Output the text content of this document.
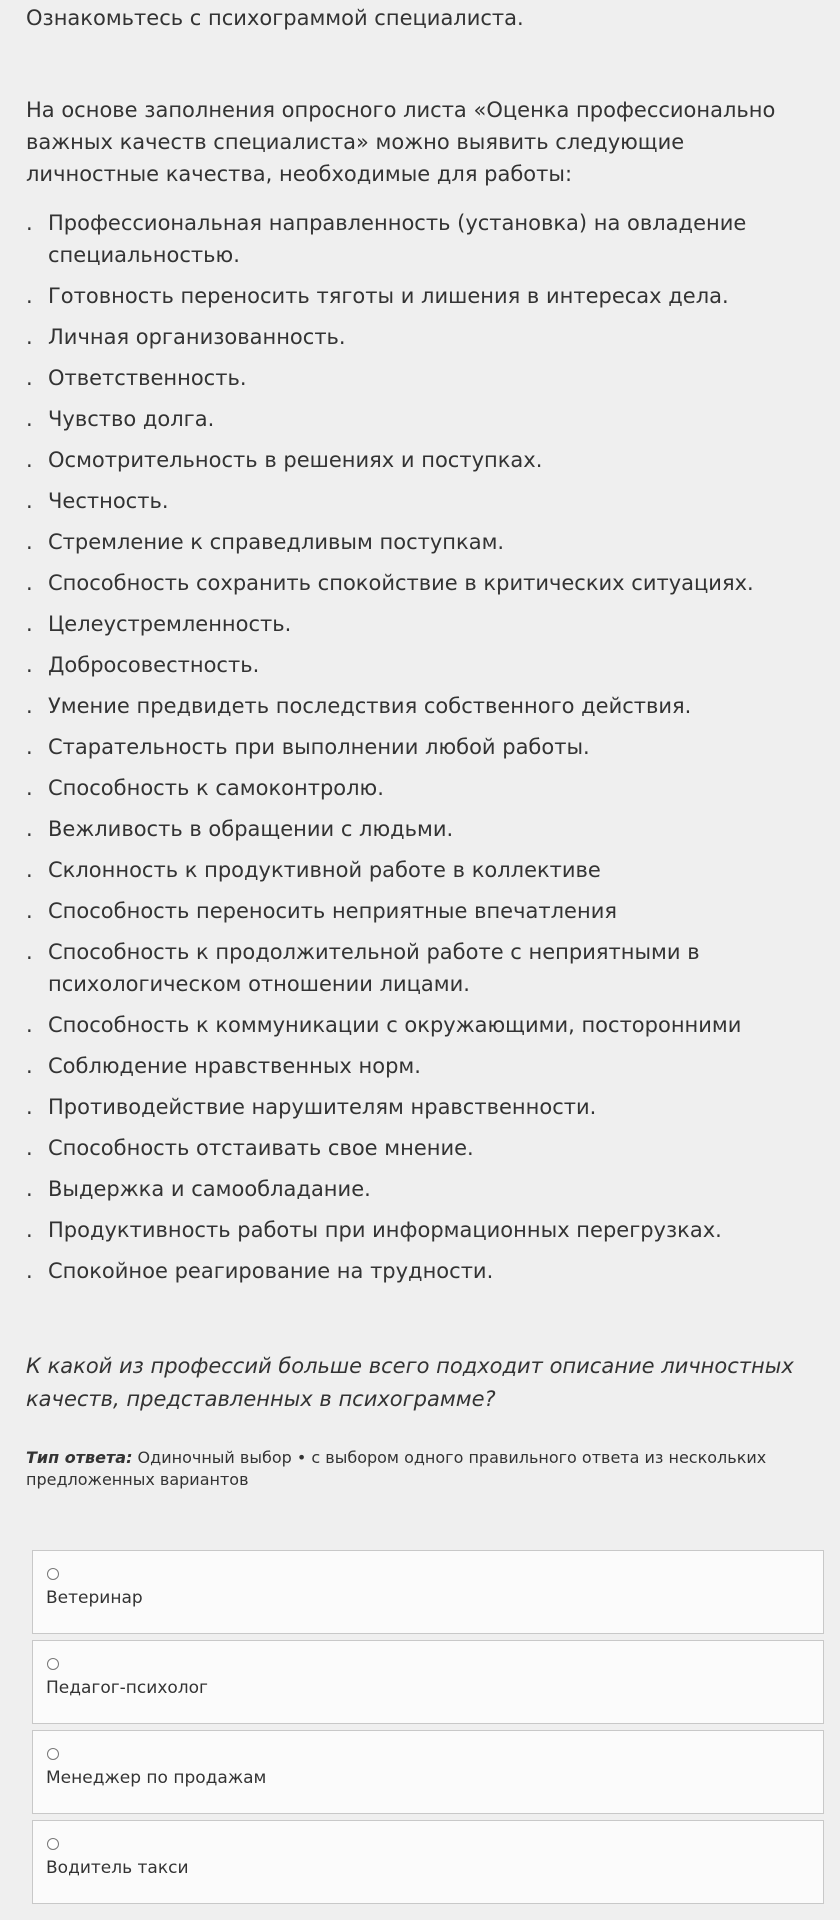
Ознакомьтесь с психограммой специалиста.

На основе заполнения опросного листа «Оценка профессионально важных качеств специалиста» можно выявить следующие личностные качества, необходимые для работы:

. Профессиональная направленность (установка) на овладение специальностью.
. Готовность переносить тяготы и лишения в интересах дела.
. Личная организованность.
. Ответственность.
. Чувство долга.
. Осмотрительность в решениях и поступках.
. Честность.
. Стремление к справедливым поступкам.
. Способность сохранить спокойствие в критических ситуациях.
. Целеустремленность.
. Добросовестность.
. Умение предвидеть последствия собственного действия.
. Старательность при выполнении любой работы.
. Способность к самоконтролю.
. Вежливость в обращении с людьми.
. Склонность к продуктивной работе в коллективе
. Способность переносить неприятные впечатления
. Способность к продолжительной работе с неприятными в психологическом отношении лицами.
. Способность к коммуникации с окружающими, посторонними
. Соблюдение нравственных норм.
. Противодействие нарушителям нравственности.
. Способность отстаивать свое мнение.
. Выдержка и самообладание.
. Продуктивность работы при информационных перегрузках.
. Спокойное реагирование на трудности.

К какой из профессий больше всего подходит описание личностных качеств, представленных в психограмме?

Тип ответа: Одиночный выбор • с выбором одного правильного ответа из нескольких предложенных вариантов

Ветеринар
Педагог-психолог
Менеджер по продажам
Водитель такси
